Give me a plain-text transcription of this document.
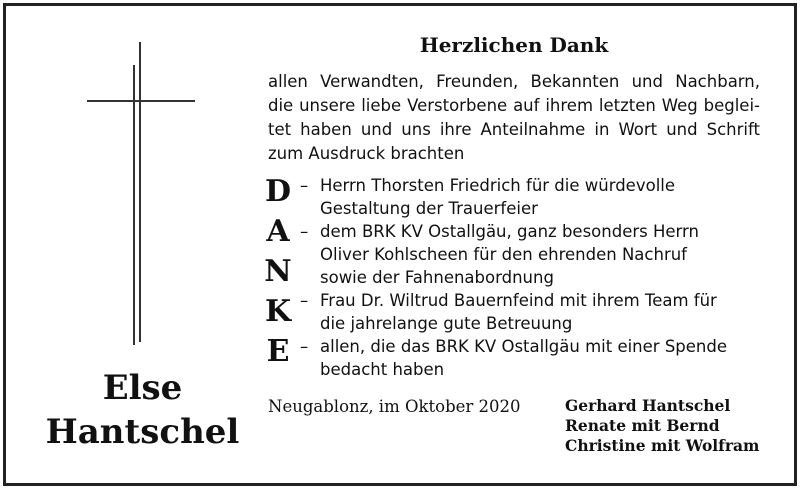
Else
Hantschel
Herzlichen Dank
allen Verwandten, Freunden, Bekannten und Nachbarn,
die unsere liebe Verstorbene auf ihrem letzten Weg beglei-
tet haben und uns ihre Anteilnahme in Wort und Schrift
zum Ausdruck brachten
D
A
N
K
E
– Herrn Thorsten Friedrich für die würdevolle
Gestaltung der Trauerfeier
– dem BRK KV Ostallgäu, ganz besonders Herrn
Oliver Kohlscheen für den ehrenden Nachruf
sowie der Fahnenabordnung
– Frau Dr. Wiltrud Bauernfeind mit ihrem Team für
die jahrelange gute Betreuung
– allen, die das BRK KV Ostallgäu mit einer Spende
bedacht haben
Neugablonz, im Oktober 2020	Gerhard Hantschel
Renate mit Bernd
Christine mit Wolfram
